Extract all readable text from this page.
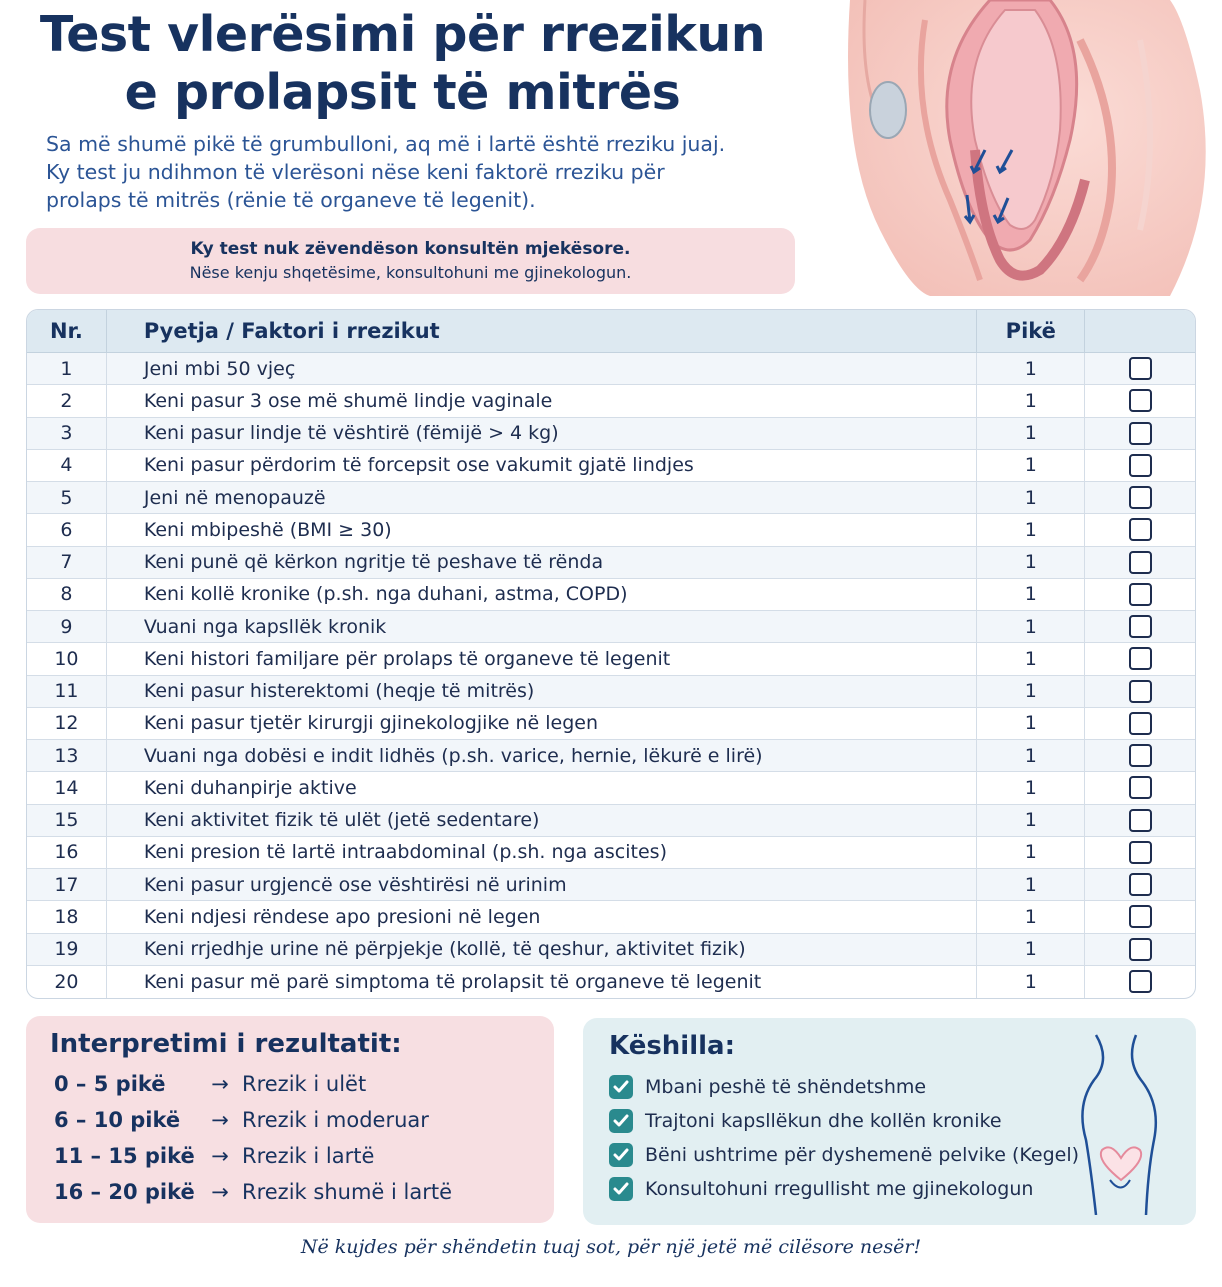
Test vlerësimi për rrezikun
e prolapsit të mitrës
Sa më shumë pikë të grumbulloni, aq më i lartë është rreziku juaj.
Ky test ju ndihmon të vlerësoni nëse keni faktorë rreziku për
prolaps të mitrës (rënie të organeve të legenit).
Ky test nuk zëvendëson konsultën mjekësore.
Nëse kenju shqetësime, konsultohuni me gjinekologun.
Nr.	Pyetja / Faktori i rrezikut	Pikë
1	Jeni mbi 50 vjeç	1
2	Keni pasur 3 ose më shumë lindje vaginale	1
3	Keni pasur lindje të vështirë (fëmijë > 4 kg)	1
4	Keni pasur përdorim të forcepsit ose vakumit gjatë lindjes	1
5	Jeni në menopauzë	1
6	Keni mbipeshë (BMI ≥ 30)	1
7	Keni punë që kërkon ngritje të peshave të rënda	1
8	Keni kollë kronike (p.sh. nga duhani, astma, COPD)	1
9	Vuani nga kapsllëk kronik	1
10	Keni histori familjare për prolaps të organeve të legenit	1
11	Keni pasur histerektomi (heqje të mitrës)	1
12	Keni pasur tjetër kirurgji gjinekologjike në legen	1
13	Vuani nga dobësi e indit lidhës (p.sh. varice, hernie, lëkurë e lirë)	1
14	Keni duhanpirje aktive	1
15	Keni aktivitet fizik të ulët (jetë sedentare)	1
16	Keni presion të lartë intraabdominal (p.sh. nga ascites)	1
17	Keni pasur urgjencë ose vështirësi në urinim	1
18	Keni ndjesi rëndese apo presioni në legen	1
19	Keni rrjedhje urine në përpjekje (kollë, të qeshur, aktivitet fizik)	1
20	Keni pasur më parë simptoma të prolapsit të organeve të legenit	1
Interpretimi i rezultatit:
0 – 5 pikë	→ Rrezik i ulët
6 – 10 pikë	→ Rrezik i moderuar
11 – 15 pikë → Rrezik i lartë
16 – 20 pikë → Rrezik shumë i lartë
Këshilla:
Mbani peshë të shëndetshme
Trajtoni kapsllëkun dhe kollën kronike
Bëni ushtrime për dyshemenë pelvike (Kegel)
Konsultohuni rregullisht me gjinekologun
Në kujdes për shëndetin tuaj sot, për një jetë më cilësore nesër!
